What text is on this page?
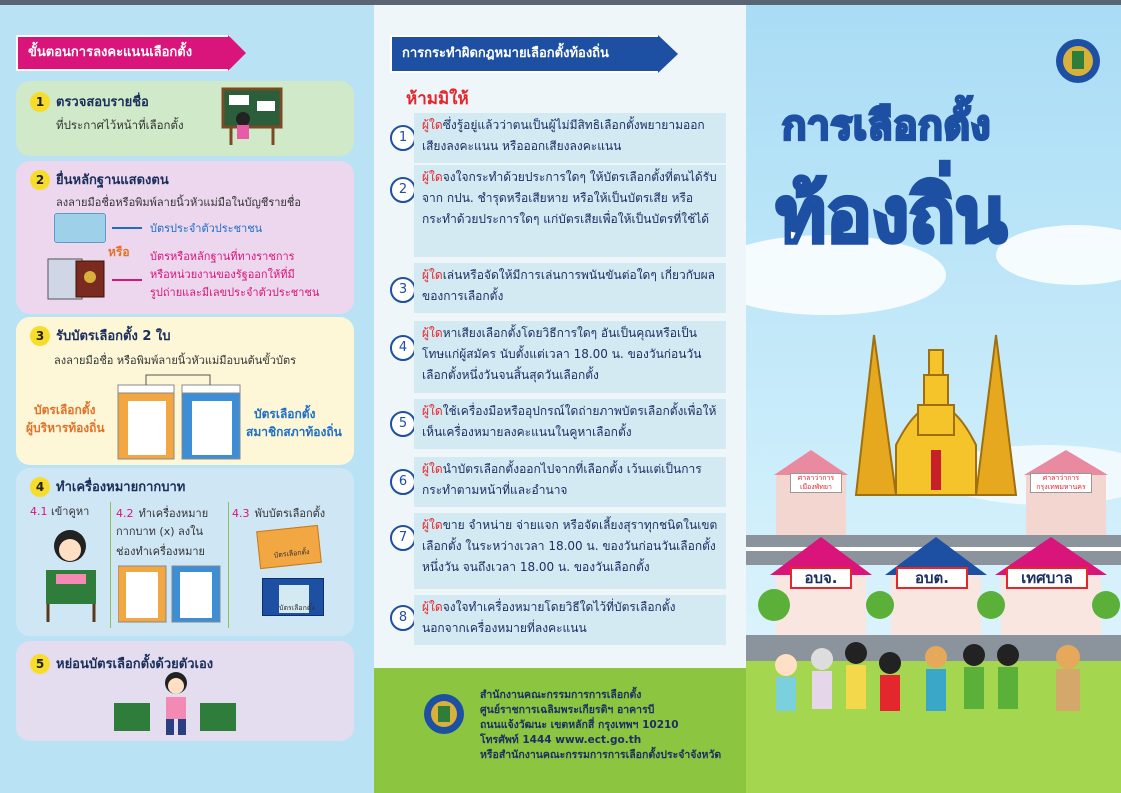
ขั้นตอนการลงคะแนนเลือกตั้ง
1 ตรวจสอบรายชื่อ
ที่ประกาศไว้หน้าที่เลือกตั้ง
2 ยื่นหลักฐานแสดงตน
ลงลายมือชื่อหรือพิมพ์ลายนิ้วหัวแม่มือในบัญชีรายชื่อ
บัตรประจำตัวประชาชน
หรือ บัตรหรือหลักฐานที่ทางราชการ
หรือหน่วยงานของรัฐออกให้ที่มี
รูปถ่ายและมีเลขประจำตัวประชาชน
3 รับบัตรเลือกตั้ง 2 ใบ
ลงลายมือชื่อ หรือพิมพ์ลายนิ้วหัวแม่มือบนต้นขั้วบัตร
บัตรเลือกตั้ง
ผู้บริหารท้องถิ่น
บัตรเลือกตั้ง
สมาชิกสภาท้องถิ่น
4 ทำเครื่องหมายกากบาท
4.1 เข้าคูหา 4.2 ทำเครื่องหมาย
กากบาท (x) ลงใน
ช่องทำเครื่องหมาย
4.3 พับบัตรเลือกตั้ง
บัตรเลือกตั้ง
บัตรเลือกตั้ง
5 หย่อนบัตรเลือกตั้งด้วยตัวเอง
การกระทำผิดกฎหมายเลือกตั้งท้องถิ่น
ห้ามมิให้
1
ผู้ใดซึ่งรู้อยู่แล้วว่าตนเป็นผู้ไม่มีสิทธิเลือกตั้งพยายามออกเสียงลงคะแนน หรือออกเสียงลงคะแนน
2
ผู้ใดจงใจกระทำด้วยประการใดๆ ให้บัตรเลือกตั้งที่ตนได้รับจาก กปน. ชำรุดหรือเสียหาย หรือให้เป็นบัตรเสีย หรือกระทำด้วยประการใดๆ แก่บัตรเสียเพื่อให้เป็นบัตรที่ใช้ได้
3
ผู้ใดเล่นหรือจัดให้มีการเล่นการพนันขันต่อใดๆ เกี่ยวกับผลของการเลือกตั้ง
4
ผู้ใดหาเสียงเลือกตั้งโดยวิธีการใดๆ อันเป็นคุณหรือเป็นโทษแก่ผู้สมัคร นับตั้งแต่เวลา 18.00 น. ของวันก่อนวันเลือกตั้งหนึ่งวันจนสิ้นสุดวันเลือกตั้ง
5
ผู้ใดใช้เครื่องมือหรืออุปกรณ์ใดถ่ายภาพบัตรเลือกตั้งเพื่อให้เห็นเครื่องหมายลงคะแนนในคูหาเลือกตั้ง
6
ผู้ใดนำบัตรเลือกตั้งออกไปจากที่เลือกตั้ง เว้นแต่เป็นการกระทำตามหน้าที่และอำนาจ
7
ผู้ใดขาย จำหน่าย จ่ายแจก หรือจัดเลี้ยงสุราทุกชนิดในเขตเลือกตั้ง ในระหว่างเวลา 18.00 น. ของวันก่อนวันเลือกตั้งหนึ่งวัน จนถึงเวลา 18.00 น. ของวันเลือกตั้ง
8
ผู้ใดจงใจทำเครื่องหมายโดยวิธีใดไว้ที่บัตรเลือกตั้งนอกจากเครื่องหมายที่ลงคะแนน
สำนักงานคณะกรรมการการเลือกตั้ง
ศูนย์ราชการเฉลิมพระเกียรติฯ อาคารบี
ถนนแจ้งวัฒนะ เขตหลักสี่ กรุงเทพฯ 10210
โทรศัพท์ 1444 www.ect.go.th
หรือสำนักงานคณะกรรมการการเลือกตั้งประจำจังหวัด
การเลือกตั้ง
ท้องถิ่น
ศาลาว่าการ เมืองพัทยา
ศาลาว่าการ กรุงเทพมหานคร
อบจ.	อบต.	เทศบาล
